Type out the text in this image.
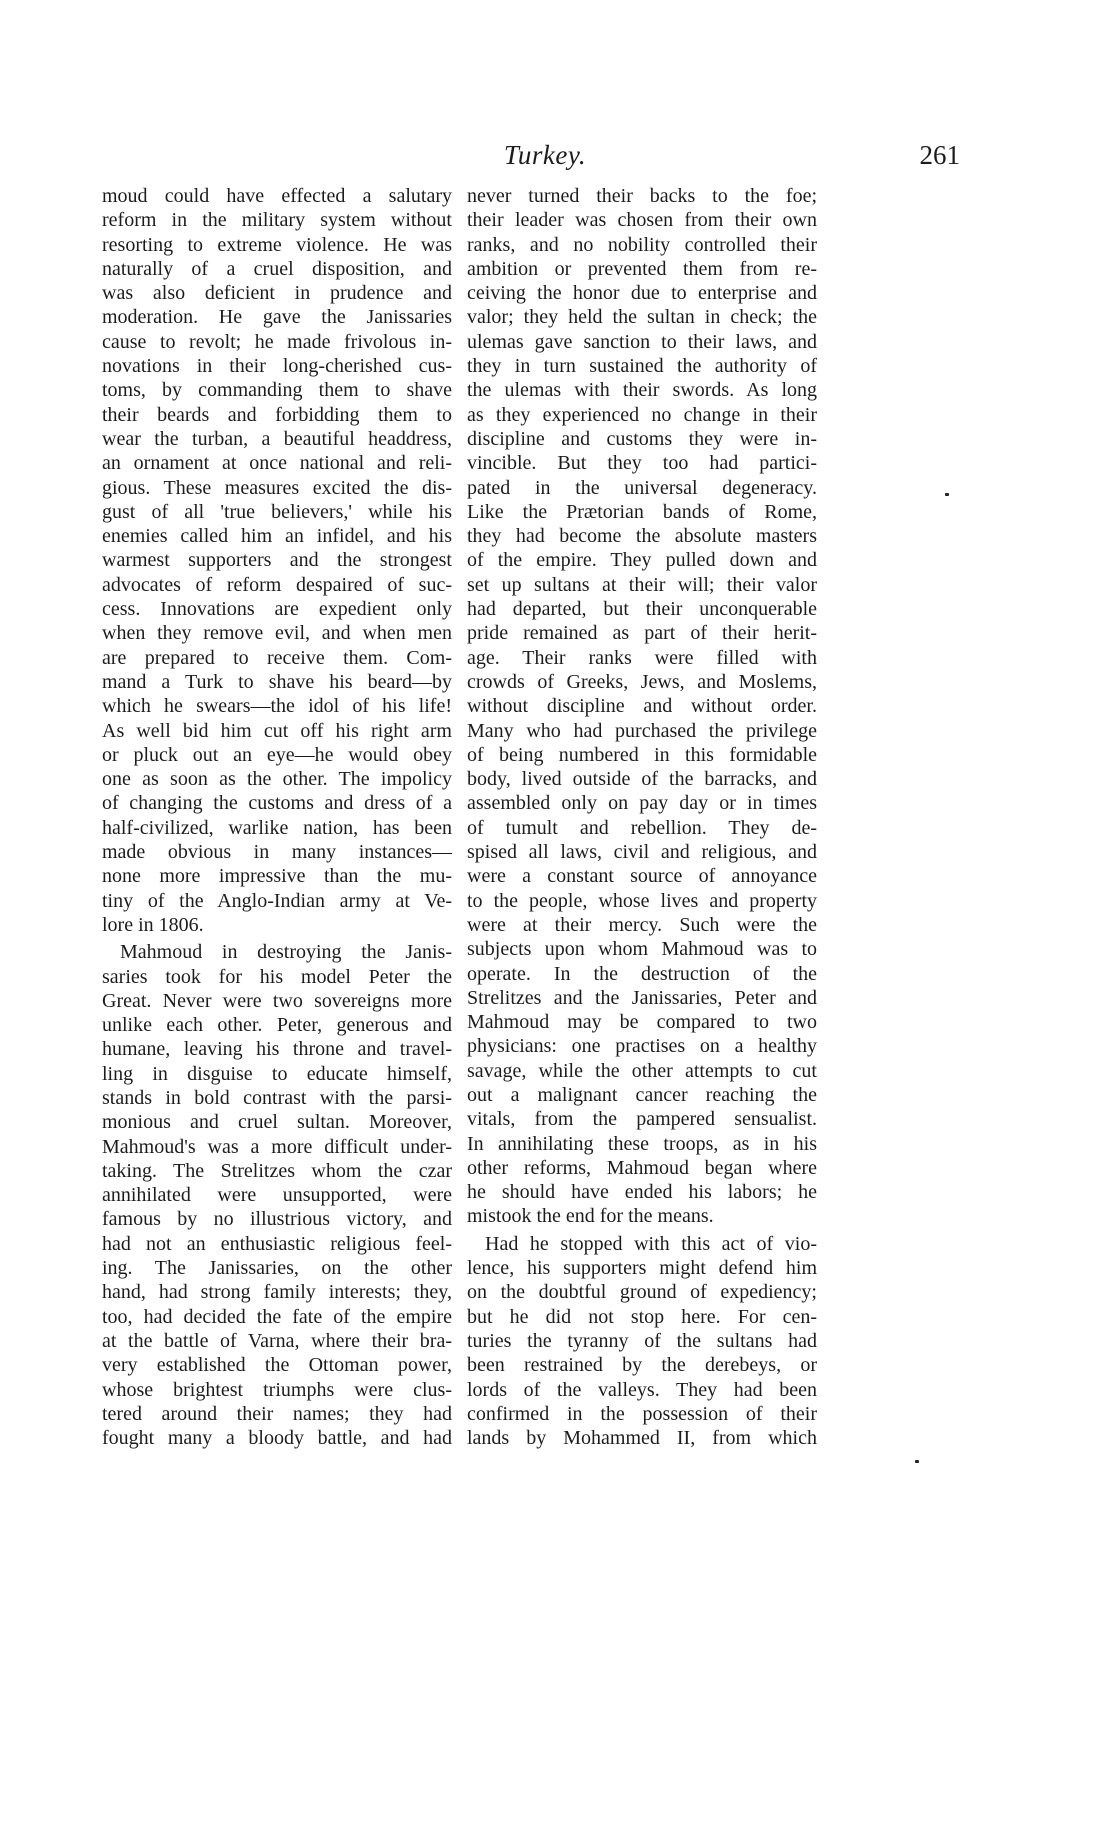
Turkey.	261
moud could have effected a salutary
reform in the military system without
resorting to extreme violence. He was
naturally of a cruel disposition, and
was also deficient in prudence and
moderation. He gave the Janissaries
cause to revolt; he made frivolous in-
novations in their long-cherished cus-
toms, by commanding them to shave
their beards and forbidding them to
wear the turban, a beautiful headdress,
an ornament at once national and reli-
gious. These measures excited the dis-
gust of all 'true believers,' while his
enemies called him an infidel, and his
warmest supporters and the strongest
advocates of reform despaired of suc-
cess. Innovations are expedient only
when they remove evil, and when men
are prepared to receive them. Com-
mand a Turk to shave his beard—by
which he swears—the idol of his life!
As well bid him cut off his right arm
or pluck out an eye—he would obey
one as soon as the other. The impolicy
of changing the customs and dress of a
half-civilized, warlike nation, has been
made obvious in many instances—
none more impressive than the mu-
tiny of the Anglo-Indian army at Ve-
lore in 1806.
Mahmoud in destroying the Janis-
saries took for his model Peter the
Great. Never were two sovereigns more
unlike each other. Peter, generous and
humane, leaving his throne and travel-
ling in disguise to educate himself,
stands in bold contrast with the parsi-
monious and cruel sultan. Moreover,
Mahmoud's was a more difficult under-
taking. The Strelitzes whom the czar
annihilated were unsupported, were
famous by no illustrious victory, and
had not an enthusiastic religious feel-
ing. The Janissaries, on the other
hand, had strong family interests; they,
too, had decided the fate of the empire
at the battle of Varna, where their bra-
very established the Ottoman power,
whose brightest triumphs were clus-
tered around their names; they had
fought many a bloody battle, and had
never turned their backs to the foe;
their leader was chosen from their own
ranks, and no nobility controlled their
ambition or prevented them from re-
ceiving the honor due to enterprise and
valor; they held the sultan in check; the
ulemas gave sanction to their laws, and
they in turn sustained the authority of
the ulemas with their swords. As long
as they experienced no change in their
discipline and customs they were in-
vincible. But they too had partici-
pated in the universal degeneracy.
Like the Prætorian bands of Rome,
they had become the absolute masters
of the empire. They pulled down and
set up sultans at their will; their valor
had departed, but their unconquerable
pride remained as part of their herit-
age. Their ranks were filled with
crowds of Greeks, Jews, and Moslems,
without discipline and without order.
Many who had purchased the privilege
of being numbered in this formidable
body, lived outside of the barracks, and
assembled only on pay day or in times
of tumult and rebellion. They de-
spised all laws, civil and religious, and
were a constant source of annoyance
to the people, whose lives and property
were at their mercy. Such were the
subjects upon whom Mahmoud was to
operate. In the destruction of the
Strelitzes and the Janissaries, Peter and
Mahmoud may be compared to two
physicians: one practises on a healthy
savage, while the other attempts to cut
out a malignant cancer reaching the
vitals, from the pampered sensualist.
In annihilating these troops, as in his
other reforms, Mahmoud began where
he should have ended his labors; he
mistook the end for the means.
Had he stopped with this act of vio-
lence, his supporters might defend him
on the doubtful ground of expediency;
but he did not stop here. For cen-
turies the tyranny of the sultans had
been restrained by the derebeys, or
lords of the valleys. They had been
confirmed in the possession of their
lands by Mohammed II, from which
